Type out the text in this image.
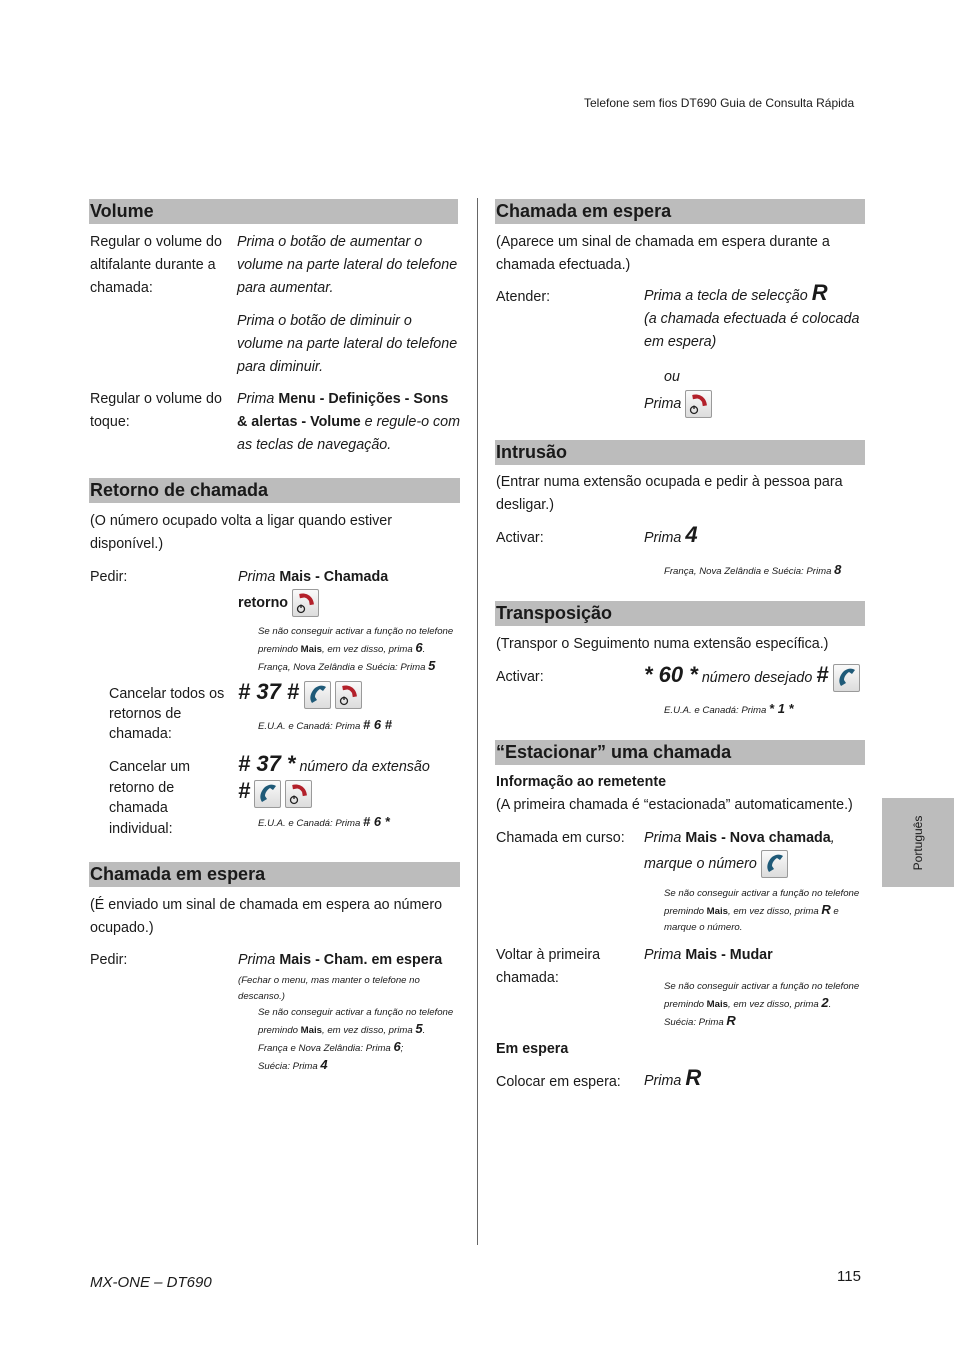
Telefone sem fios DT690 Guia de Consulta Rápida
Volume
Regular o volume do altifalante durante a chamada:
Prima o botão de aumentar o volume na parte lateral do telefone para aumentar.
Prima o botão de diminuir o volume na parte lateral do telefone para diminuir.
Regular o volume do toque:
Prima Menu - Definições - Sons & alertas - Volume e regule-o com as teclas de navegação.
Retorno de chamada
(O número ocupado volta a ligar quando estiver disponível.)
Pedir:	Prima Mais - Chamada retorno
Se não conseguir activar a função no telefone premindo Mais, em vez disso, prima 6.
França, Nova Zelândia e Suécia: Prima 5
Cancelar todos os retornos de chamada:
# 37 #

E.U.A. e Canadá: Prima # 6 #
Cancelar um retorno de chamada individual:
# 37 * número da extensão
#

E.U.A. e Canadá: Prima # 6 *
Chamada em espera
(É enviado um sinal de chamada em espera ao número ocupado.)
Pedir:	Prima Mais - Cham. em espera
(Fechar o menu, mas manter o telefone no descanso.)
Se não conseguir activar a função no telefone premindo Mais, em vez disso, prima 5.
França e Nova Zelândia: Prima 6;
Suécia: Prima 4
Chamada em espera
(Aparece um sinal de chamada em espera durante a chamada efectuada.)
Atender:	Prima a tecla de selecção R
(a chamada efectuada é colocada em espera)
ou
Prima
Intrusão
(Entrar numa extensão ocupada e pedir à pessoa para desligar.)
Activar:	Prima 4
França, Nova Zelândia e Suécia: Prima 8
Transposição
(Transpor o Seguimento numa extensão específica.)
Activar:	* 60 * número desejado #
E.U.A. e Canadá: Prima * 1 *
“Estacionar” uma chamada
Informação ao remetente
(A primeira chamada é “estacionada” automaticamente.)
Chamada em curso: Prima Mais - Nova chamada,
marque o número
Se não conseguir activar a função no telefone premindo Mais, em vez disso, prima R e marque o número.
Voltar à primeira chamada:
Prima Mais - Mudar
Se não conseguir activar a função no telefone premindo Mais, em vez disso, prima 2.
Suécia: Prima R
Em espera
Colocar em espera: Prima R
Português
MX-ONE – DT690	115
